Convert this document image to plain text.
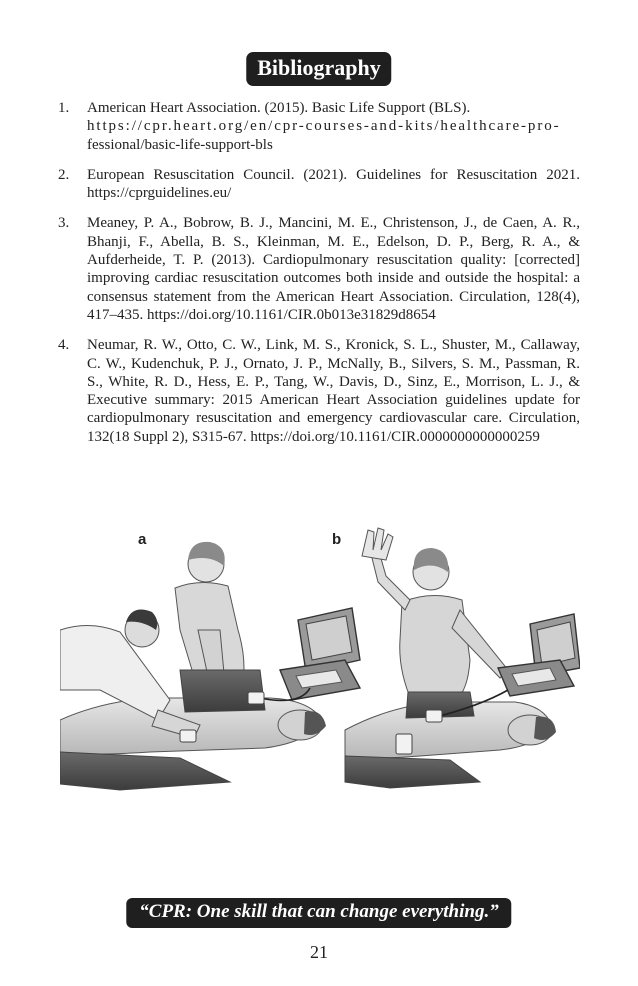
Bibliography
1. American Heart Association. (2015). Basic Life Support (BLS).
https://cpr.heart.org/en/cpr-courses-and-kits/healthcare-pro-
fessional/basic-life-support-bls
2. European Resuscitation Council. (2021). Guidelines for Resuscitation 2021. https://cprguidelines.eu/
3. Meaney, P. A., Bobrow, B. J., Mancini, M. E., Christenson, J., de Caen, A. R., Bhanji, F., Abella, B. S., Kleinman, M. E., Edelson, D. P., Berg, R. A., & Aufderheide, T. P. (2013). Cardiopulmonary resuscitation quality: [corrected] improving cardiac resuscitation outcomes both inside and outside the hospital: a consensus statement from the American Heart Association. Circulation, 128(4), 417–435. https://doi.org/10.1161/CIR.0b013e31829d8654
4. Neumar, R. W., Otto, C. W., Link, M. S., Kronick, S. L., Shuster, M., Callaway, C. W., Kudenchuk, P. J., Ornato, J. P., McNally, B., Silvers, S. M., Passman, R. S., White, R. D., Hess, E. P., Tang, W., Davis, D., Sinz, E., Morrison, L. J., & Executive summary: 2015 American Heart Association guidelines update for cardiopulmonary resuscitation and emergency cardiovascular care. Circulation, 132(18 Suppl 2), S315-67. https://doi.org/10.1161/CIR.0000000000000259
a	b
“CPR: One skill that can change everything.”
21
